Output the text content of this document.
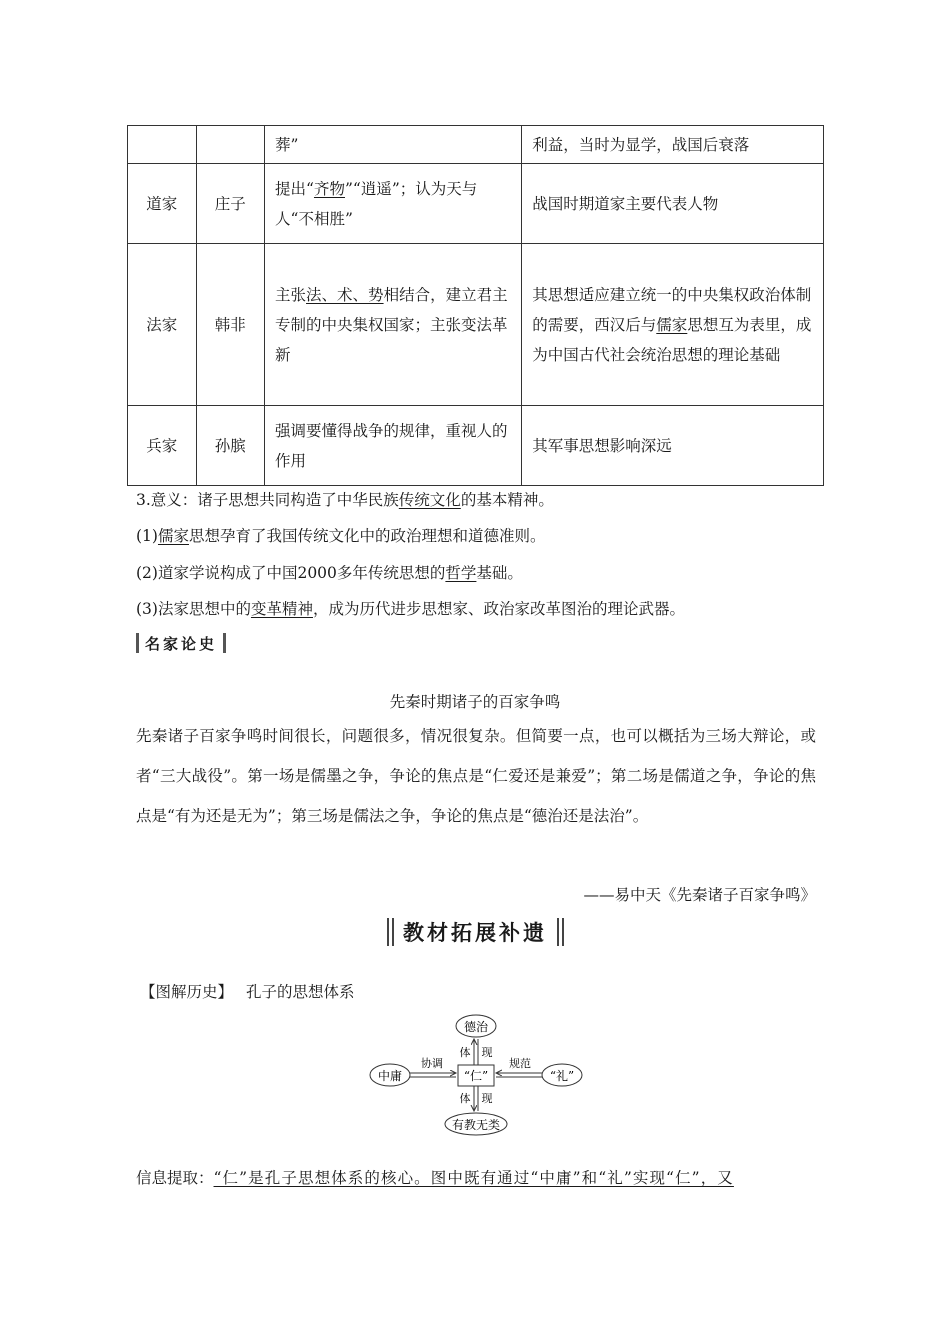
		葬”	利益，当时为显学，战国后衰落
道家	庄子	提出“齐物”“逍遥”；认为天与人“不相胜”	战国时期道家主要代表人物
法家	韩非	主张法、术、势相结合，建立君主专制的中央集权国家；主张变法革新	其思想适应建立统一的中央集权政治体制的需要，西汉后与儒家思想互为表里，成为中国古代社会统治思想的理论基础
兵家	孙膑	强调要懂得战争的规律，重视人的作用	其军事思想影响深远
3.意义：诸子思想共同构造了中华民族传统文化的基本精神。
(1)儒家思想孕育了我国传统文化中的政治理想和道德准则。
(2)道家学说构成了中国2000多年传统思想的哲学基础。
(3)法家思想中的变革精神，成为历代进步思想家、政治家改革图治的理论武器。
名家论史
先秦时期诸子的百家争鸣
先秦诸子百家争鸣时间很长，问题很多，情况很复杂。但简要一点，也可以概括为三场大辩论，或者“三大战役”。第一场是儒墨之争，争论的焦点是“仁爱还是兼爱”；第二场是儒道之争，争论的焦点是“有为还是无为”；第三场是儒法之争，争论的焦点是“德治还是法治”。
——易中天《先秦诸子百家争鸣》
教材拓展补遗
【图解历史】 孔子的思想体系
德治
有教无类
中庸	“礼”
“仁”
体　现
体　现
协调	规范
信息提取：“仁”是孔子思想体系的核心。图中既有通过“中庸”和“礼”实现“仁”，又
